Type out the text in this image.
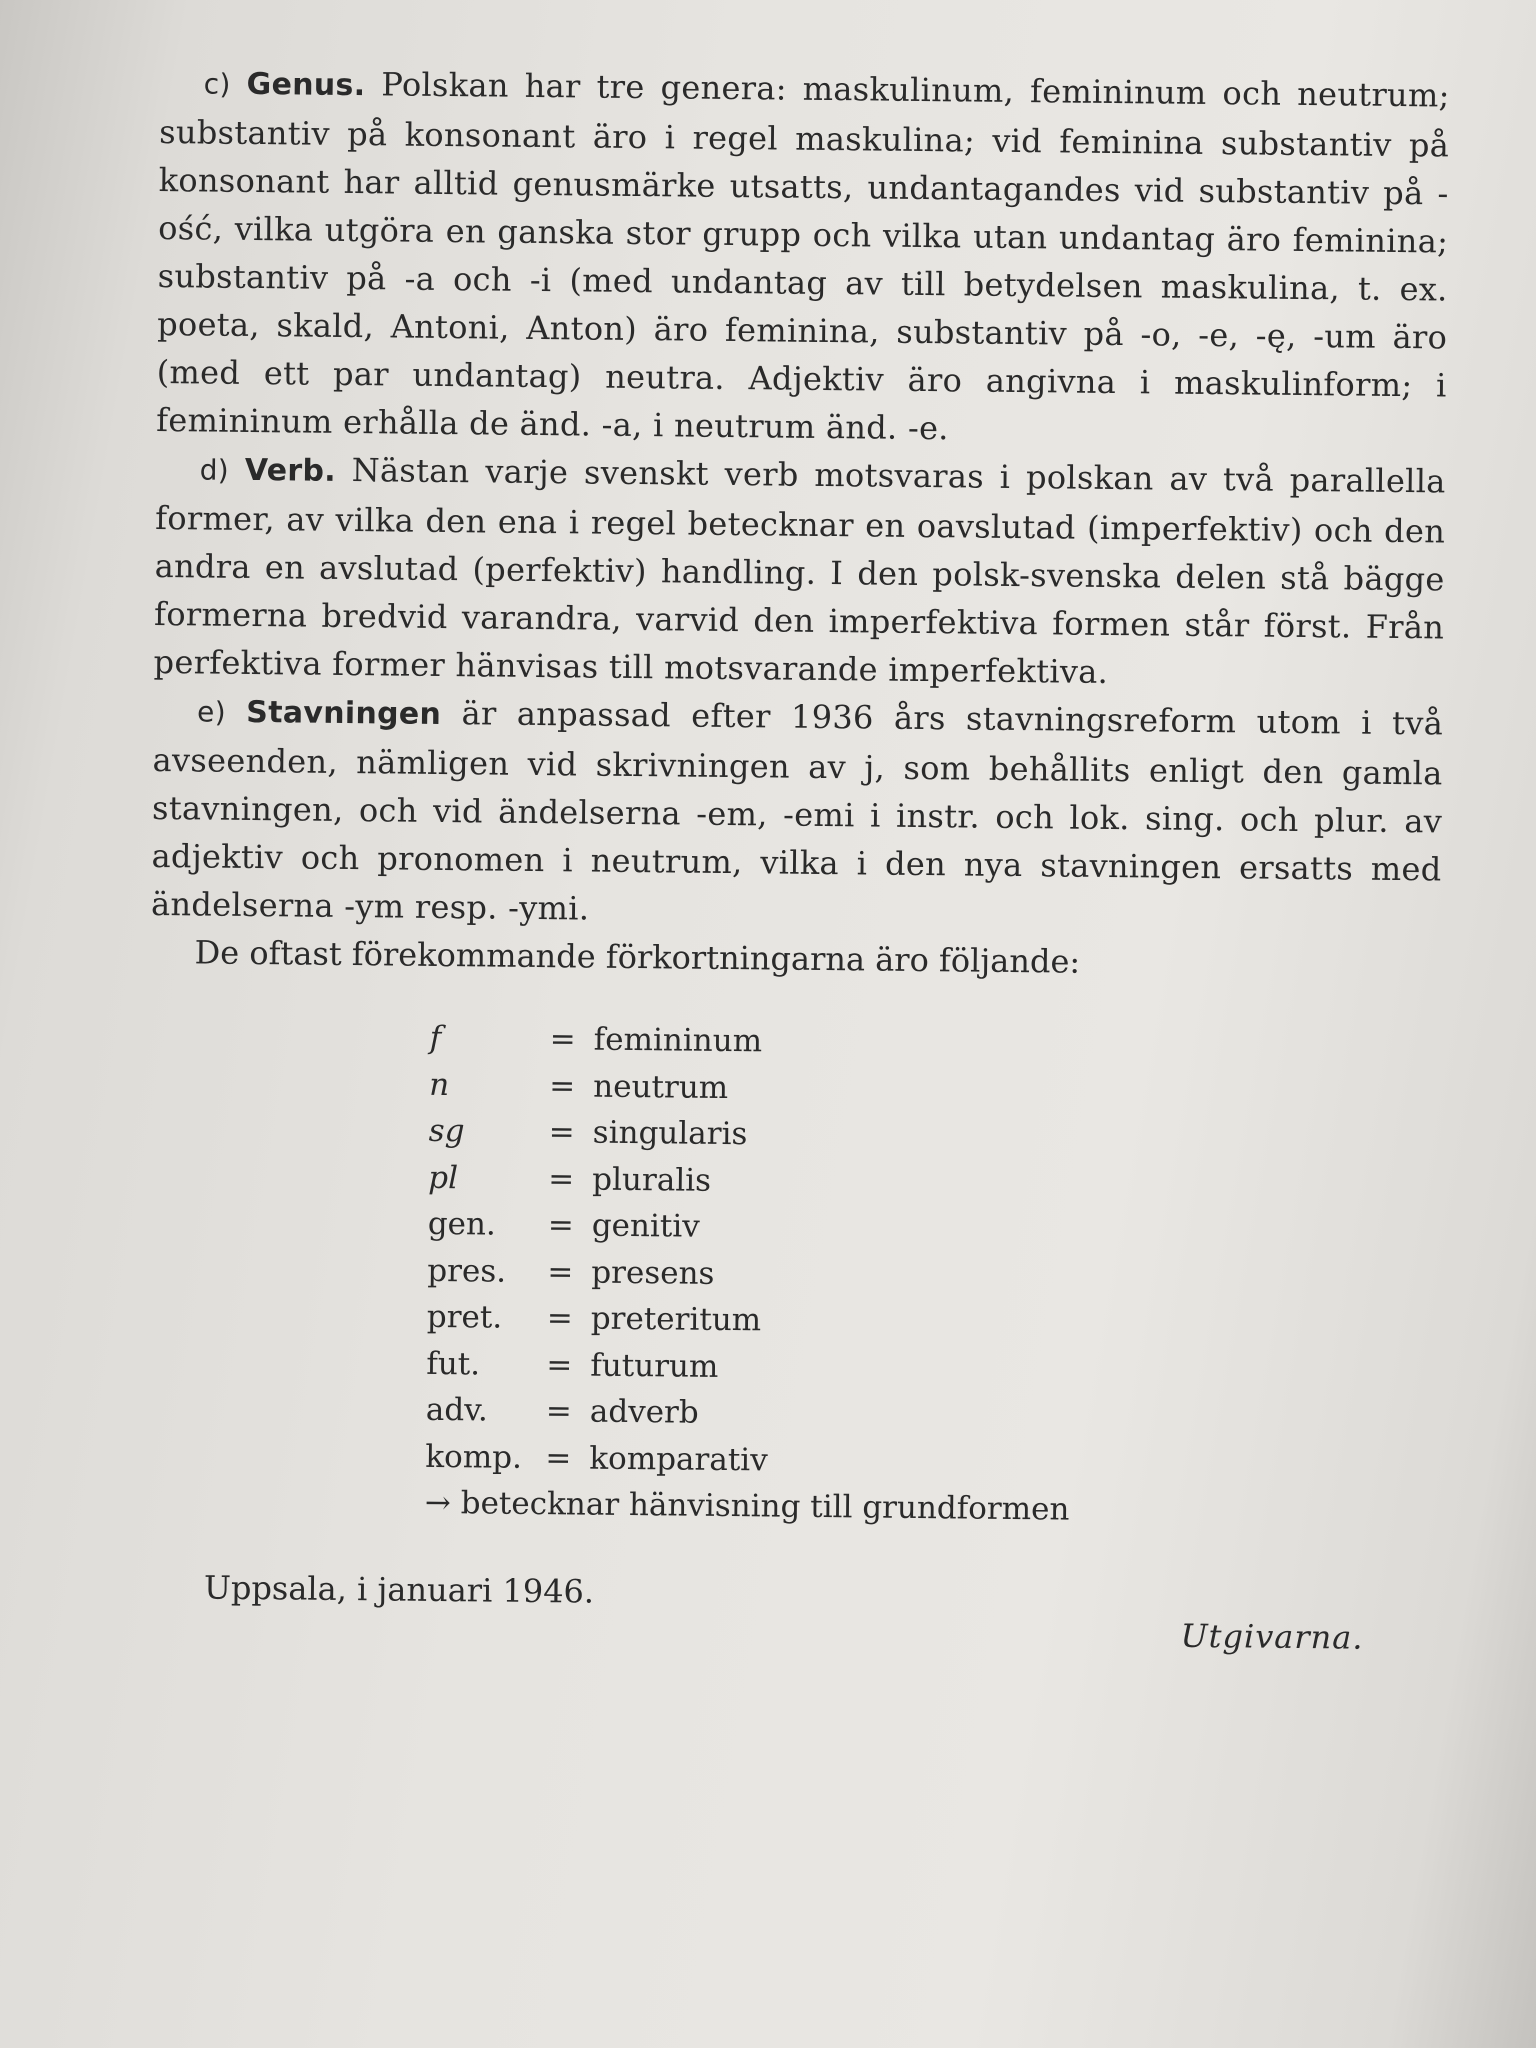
c) Genus. Polskan har tre genera: maskulinum, femininum och neutrum; substantiv på konsonant äro i regel maskulina; vid feminina substantiv på konsonant har alltid genusmärke utsatts, undantagandes vid substantiv på -ość, vilka utgöra en ganska stor grupp och vilka utan undantag äro feminina; substantiv på -a och -i (med undantag av till betydelsen maskulina, t. ex. poeta, skald, Antoni, Anton) äro feminina, substantiv på -o, -e, -ę, -um äro (med ett par undantag) neutra. Adjektiv äro angivna i maskulinform; i femininum erhålla de änd. -a, i neutrum änd. -e.

d) Verb. Nästan varje svenskt verb motsvaras i polskan av två parallella former, av vilka den ena i regel betecknar en oavslutad (imperfektiv) och den andra en avslutad (perfektiv) handling. I den polsk-svenska delen stå bägge formerna bredvid varandra, varvid den imperfektiva formen står först. Från perfektiva former hänvisas till motsvarande imperfektiva.

e) Stavningen är anpassad efter 1936 års stavningsreform utom i två avseenden, nämligen vid skrivningen av j, som behållits enligt den gamla stavningen, och vid ändelserna -em, -emi i instr. och lok. sing. och plur. av adjektiv och pronomen i neutrum, vilka i den nya stavningen ersatts med ändelserna -ym resp. -ymi.

De oftast förekommande förkortningarna äro följande:

f	= femininum
n	= neutrum
sg	= singularis
pl	= pluralis
gen.	= genitiv
pres.	= presens
pret.	= preteritum
fut.	= futurum
adv.	= adverb
komp. = komparativ
→
betecknar hänvisning till grundformen
Uppsala, i januari 1946.
Utgivarna.
